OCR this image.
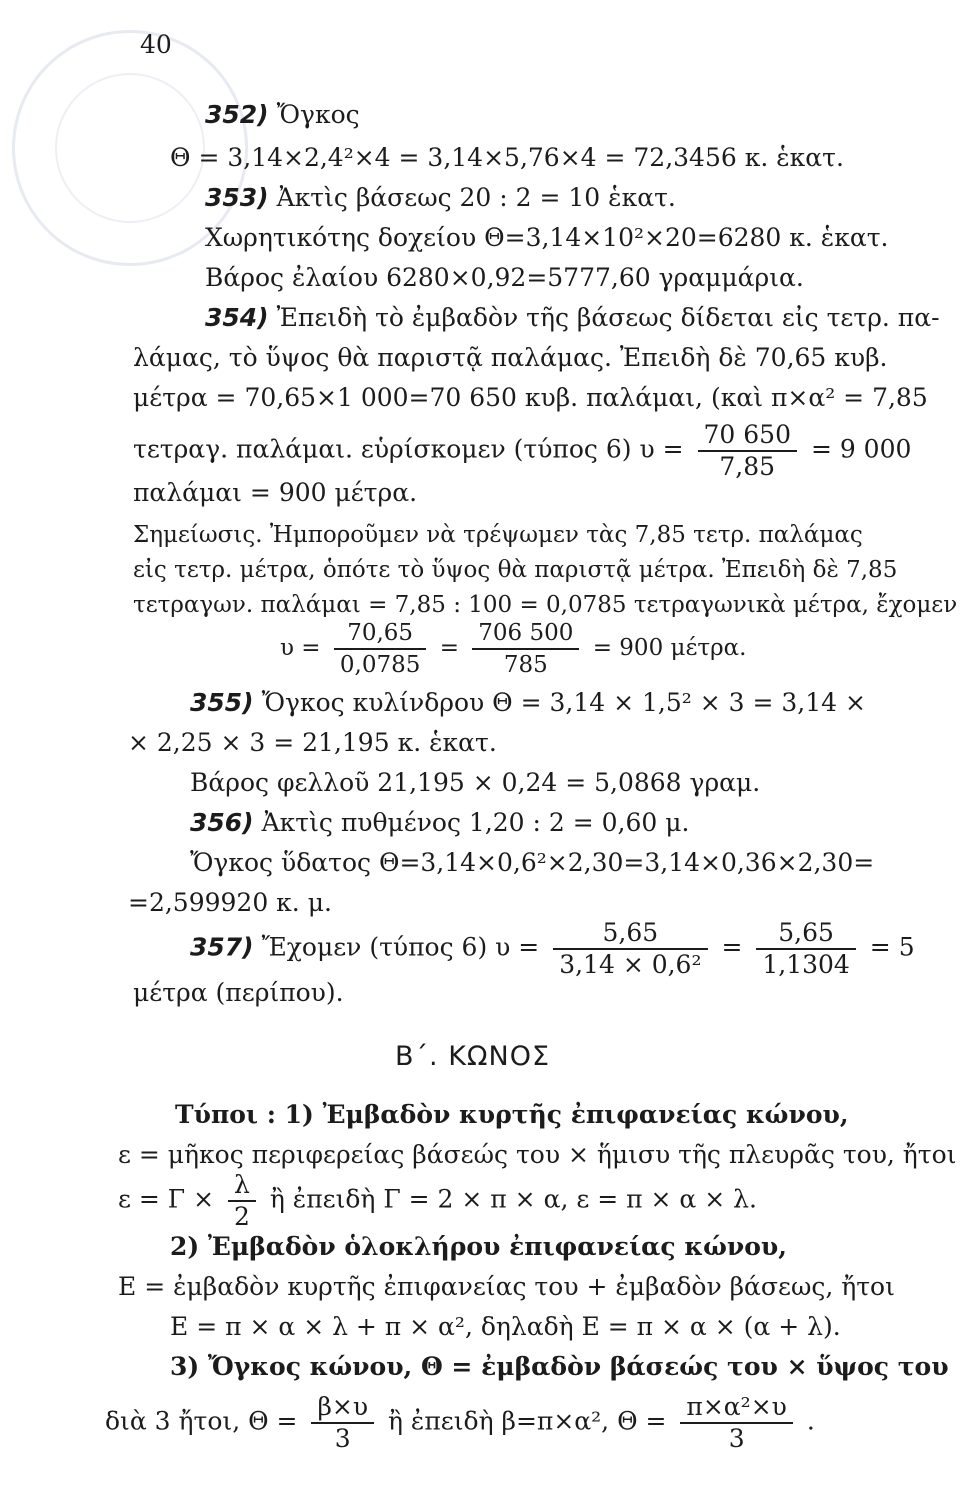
40
352) Ὄγκος
Θ = 3,14×2,4²×4 = 3,14×5,76×4 = 72,3456 κ. ἑκατ.
353) Ἀκτὶς βάσεως 20 : 2 = 10 ἑκατ.
Χωρητικότης δοχείου Θ=3,14×10²×20=6280 κ. ἑκατ.
Βάρος ἐλαίου 6280×0,92=5777,60 γραμμάρια.
354) Ἐπειδὴ τὸ ἐμβαδὸν τῆς βάσεως δίδεται εἰς τετρ. πα-
λάμας, τὸ ὕψος θὰ παριστᾷ παλάμας. Ἐπειδὴ δὲ 70,65 κυβ.
μέτρα = 70,65×1 000=70 650 κυβ. παλάμαι, (καὶ π×α² = 7,85
τετραγ. παλάμαι. εὑρίσκομεν (τύπος 6) $\upsilon = \frac{70 650}{7,85} = 9$ 000
παλάμαι = 900 μέτρα.
Σημείωσις. Ἠμποροῦμεν νὰ τρέψωμεν τὰς 7,85 τετρ. παλάμας
εἰς τετρ. μέτρα, ὁπότε τὸ ὕψος θὰ παριστᾷ μέτρα. Ἐπειδὴ δὲ 7,85
τετραγων. παλάμαι = 7,85 : 100 = 0,0785 τετραγωνικὰ μέτρα, ἔχομεν
$\upsilon = \frac{70,65}{0,0785} = \frac{706 500}{785} = 900$ μέτρα.
355) Ὄγκος κυλίνδρου Θ = 3,14 × 1,5² × 3 = 3,14 ×
× 2,25 × 3 = 21,195 κ. ἑκατ.
Βάρος φελλοῦ 21,195 × 0,24 = 5,0868 γραμ.
356) Ἀκτὶς πυθμένος 1,20 : 2 = 0,60 μ.
Ὄγκος ὕδατος Θ=3,14×0,6²×2,30=3,14×0,36×2,30=
=2,599920 κ. μ.
357) Ἔχομεν (τύπος 6) $\upsilon = \frac{5,65}{\text{3,14 × 0,6²}} = \frac{5,65}{1,1304} = 5$
μέτρα (περίπου).
Β΄. ΚΩΝΟΣ
Τύποι : 1) Ἐμβαδὸν κυρτῆς ἐπιφανείας κώνου,
ε = μῆκος περιφερείας βάσεώς του × ἥμισυ τῆς πλευρᾶς του, ἤτοι
$\varepsilon = \Gamma \times \frac{\lambda}{2}$ ἢ ἐπειδὴ Γ = 2 × π × α, ε = π × α × λ.
2) Ἐμβαδὸν ὁλοκλήρου ἐπιφανείας κώνου,
Ε = ἐμβαδὸν κυρτῆς ἐπιφανείας του + ἐμβαδὸν βάσεως, ἤτοι
Ε = π × α × λ + π × α², δηλαδὴ Ε = π × α × (α + λ).
3) Ὄγκος κώνου, Θ = ἐμβαδὸν βάσεώς του × ὕψος του
διὰ 3 ἤτοι, $\Theta = \frac{\beta\times\upsilon}{3}$ ἢ ἐπειδὴ β=π×α², $\Theta = \frac{\text{π×α²×υ}}{3}$ .
